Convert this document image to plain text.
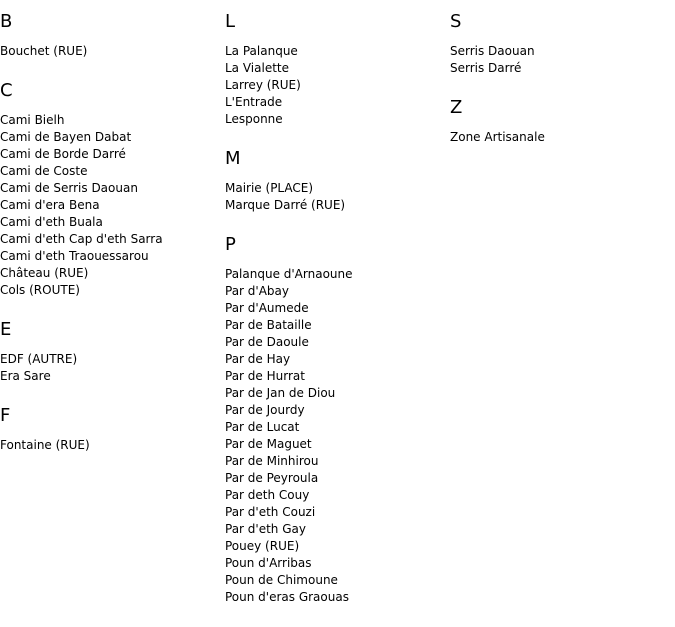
B
Bouchet (RUE)
C
Cami Bielh
Cami de Bayen Dabat
Cami de Borde Darré
Cami de Coste
Cami de Serris Daouan
Cami d'era Bena
Cami d'eth Buala
Cami d'eth Cap d'eth Sarra
Cami d'eth Traouessarou
Château (RUE)
Cols (ROUTE)
E
EDF (AUTRE)
Era Sare
F
Fontaine (RUE)
L
La Palanque
La Vialette
Larrey (RUE)
L'Entrade
Lesponne
M
Mairie (PLACE)
Marque Darré (RUE)
P
Palanque d'Arnaoune
Par d'Abay
Par d'Aumede
Par de Bataille
Par de Daoule
Par de Hay
Par de Hurrat
Par de Jan de Diou
Par de Jourdy
Par de Lucat
Par de Maguet
Par de Minhirou
Par de Peyroula
Par deth Couy
Par d'eth Couzi
Par d'eth Gay
Pouey (RUE)
Poun d'Arribas
Poun de Chimoune
Poun d'eras Graouas
S
Serris Daouan
Serris Darré
Z
Zone Artisanale
